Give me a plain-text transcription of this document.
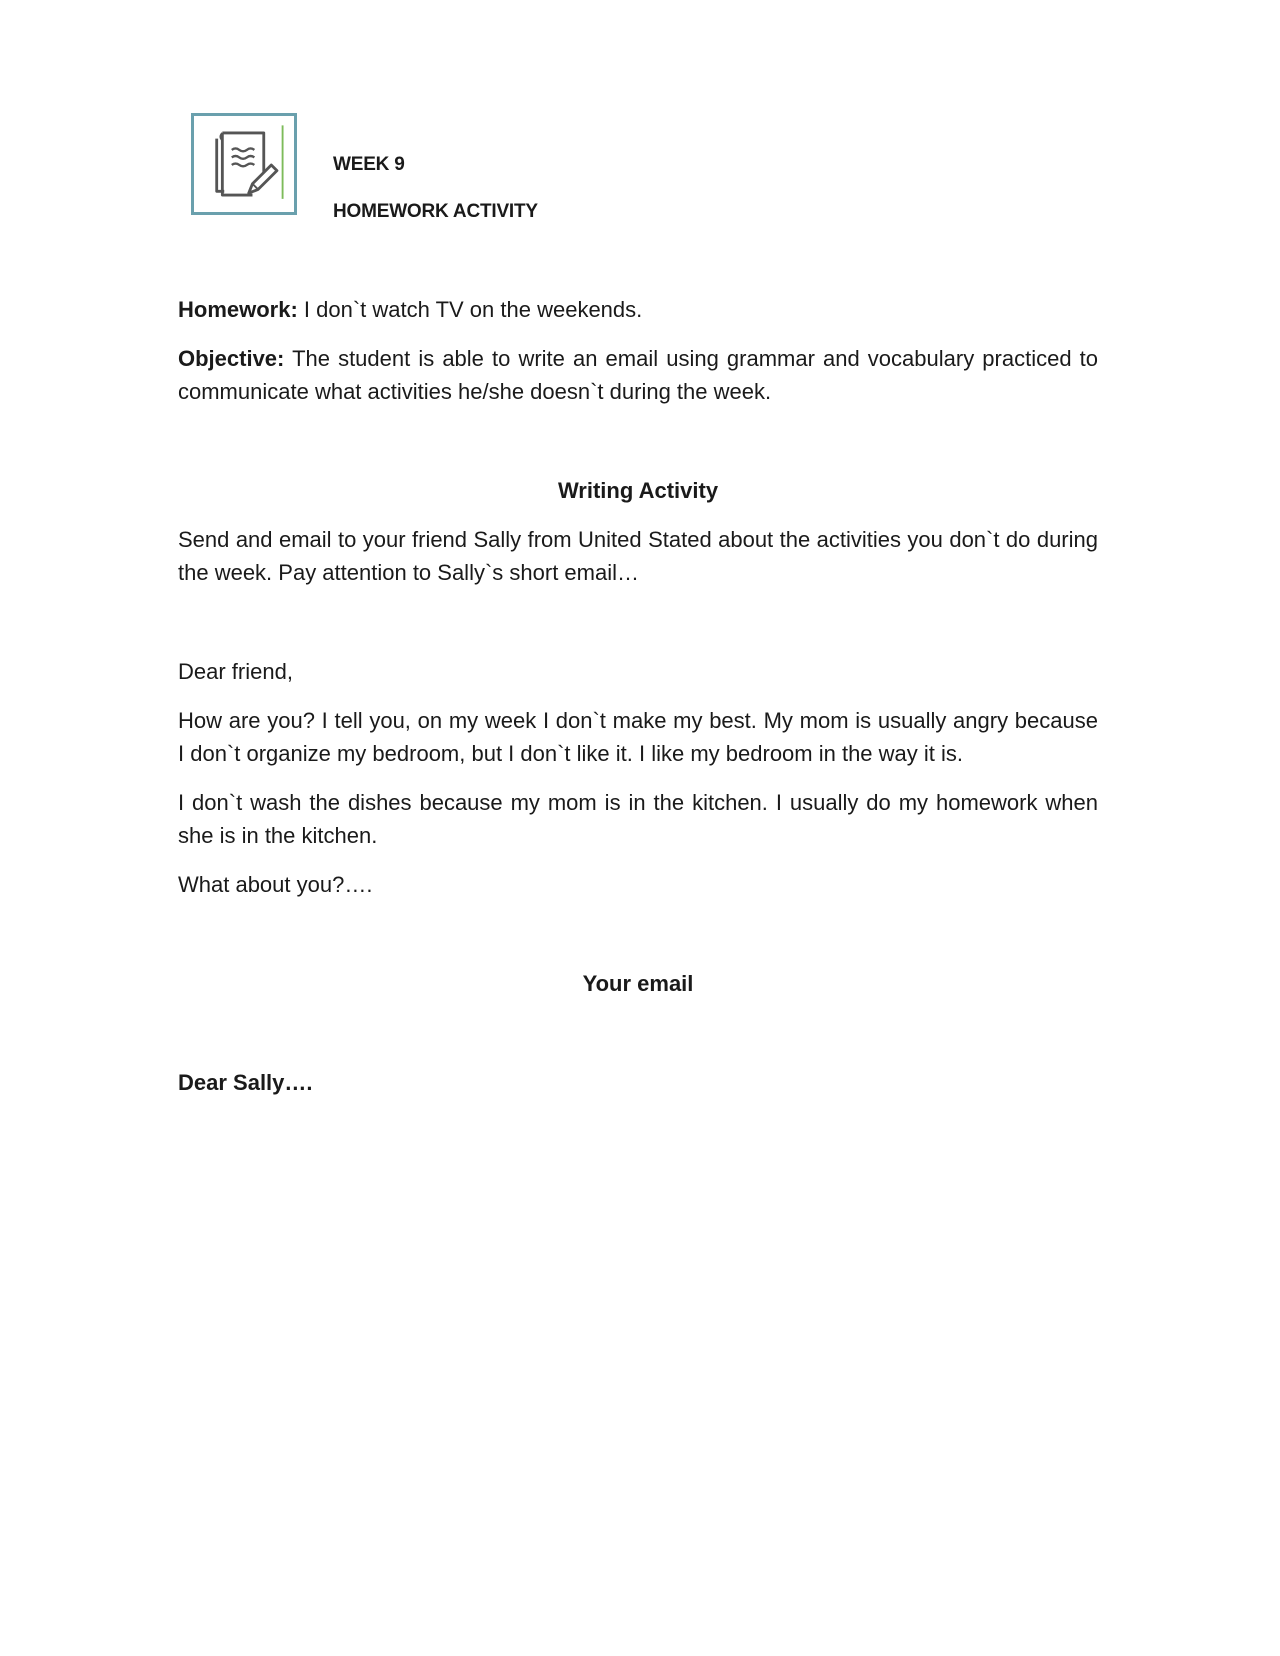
WEEK 9
HOMEWORK ACTIVITY

Homework: I don`t watch TV on the weekends.

Objective: The student is able to write an email using grammar and vocabulary practiced to communicate what activities he/she doesn`t during the week.

Writing Activity

Send and email to your friend Sally from United Stated about the activities you don`t do during the week. Pay attention to Sally`s short email…

Dear friend,

How are you? I tell you, on my week I don`t make my best. My mom is usually angry because I don`t organize my bedroom, but I don`t like it. I like my bedroom in the way it is.

I don`t wash the dishes because my mom is in the kitchen. I usually do my homework when she is in the kitchen.

What about you?….

Your email

Dear Sally….
